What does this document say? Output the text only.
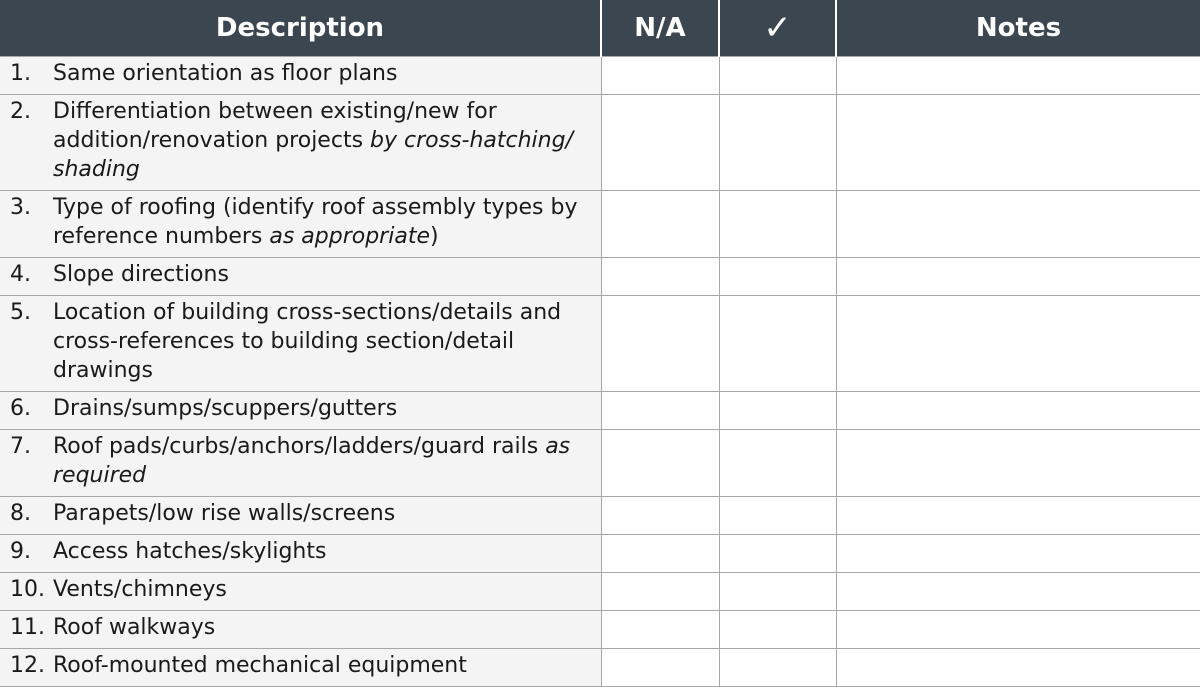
Description	N/A	✓	Notes

1. Same orientation as floor plans			

2. Differentiation between existing/new for addition/renovation projects by cross-hatching/ shading			

3. Type of roofing (identify roof assembly types by reference numbers as appropriate)			

4. Slope directions			

5. Location of building cross-sections/details and cross-references to building section/detail drawings			

6. Drains/sumps/scuppers/gutters			

7. Roof pads/curbs/anchors/ladders/guard rails as required			

8. Parapets/low rise walls/screens			

9. Access hatches/skylights			

10. Vents/chimneys			

11. Roof walkways			

12. Roof-mounted mechanical equipment			
